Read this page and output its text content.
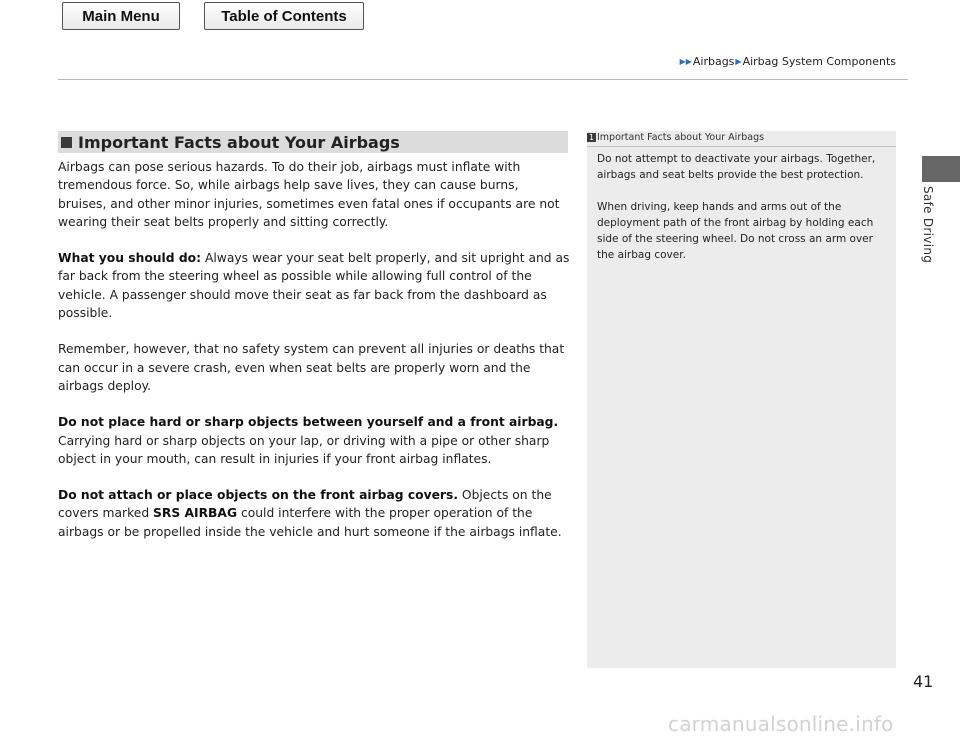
Main Menu	Table of Contents
▶▶ Airbags ▶ Airbag System Components
Safe Driving
Important Facts about Your Airbags

Airbags can pose serious hazards. To do their job, airbags must inflate with tremendous force. So, while airbags help save lives, they can cause burns, bruises, and other minor injuries, sometimes even fatal ones if occupants are not wearing their seat belts properly and sitting correctly.

What you should do: Always wear your seat belt properly, and sit upright and as far back from the steering wheel as possible while allowing full control of the vehicle. A passenger should move their seat as far back from the dashboard as possible.

Remember, however, that no safety system can prevent all injuries or deaths that can occur in a severe crash, even when seat belts are properly worn and the airbags deploy.

Do not place hard or sharp objects between yourself and a front airbag.
Carrying hard or sharp objects on your lap, or driving with a pipe or other sharp object in your mouth, can result in injuries if your front airbag inflates.

Do not attach or place objects on the front airbag covers. Objects on the covers marked SRS AIRBAG could interfere with the proper operation of the airbags or be propelled inside the vehicle and hurt someone if the airbags inflate.

1 Important Facts about Your Airbags

Do not attempt to deactivate your airbags. Together, airbags and seat belts provide the best protection.

When driving, keep hands and arms out of the deployment path of the front airbag by holding each side of the steering wheel. Do not cross an arm over the airbag cover.

41
carmanualsonline.info
